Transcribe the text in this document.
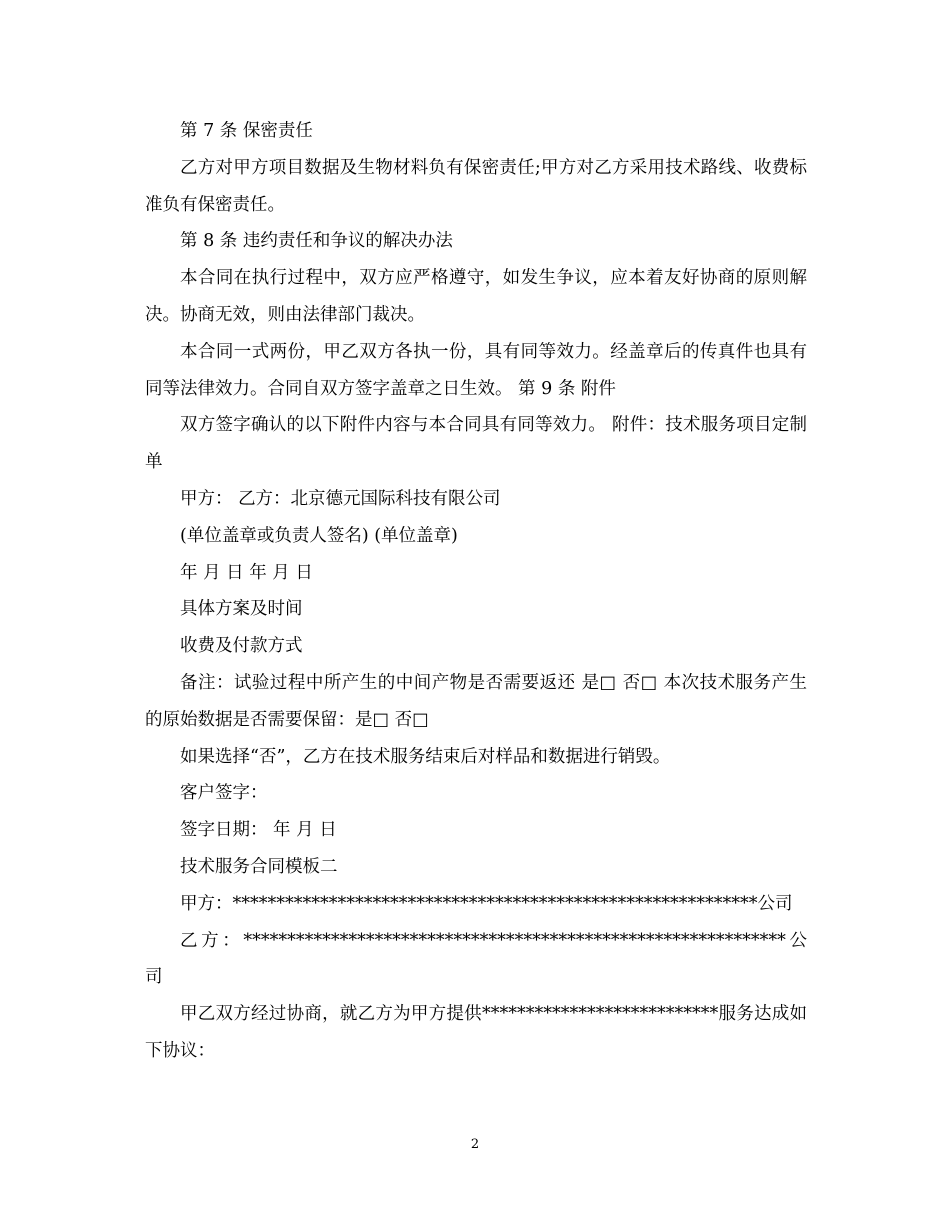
第 7 条 保密责任

乙方对甲方项目数据及生物材料负有保密责任;甲方对乙方采用技术路线、收费标准负有保密责任。

第 8 条 违约责任和争议的解决办法

本合同在执行过程中，双方应严格遵守，如发生争议，应本着友好协商的原则解决。协商无效，则由法律部门裁决。

本合同一式两份，甲乙双方各执一份，具有同等效力。经盖章后的传真件也具有同等法律效力。合同自双方签字盖章之日生效。 第 9 条 附件

双方签字确认的以下附件内容与本合同具有同等效力。 附件：技术服务项目定制单

甲方： 乙方：北京德元国际科技有限公司

(单位盖章或负责人签名) (单位盖章)

年 月 日 年 月 日

具体方案及时间

收费及付款方式

备注：试验过程中所产生的中间产物是否需要返还 是□ 否□ 本次技术服务产生的原始数据是否需要保留：是□ 否□

如果选择“否”，乙方在技术服务结束后对样品和数据进行销毁。

客户签字：

签字日期： 年 月 日

技术服务合同模板二

甲方：************************************************************公司

乙方：**************************************************************公司

甲乙双方经过协商，就乙方为甲方提供***************************服务达成如下协议：

2
